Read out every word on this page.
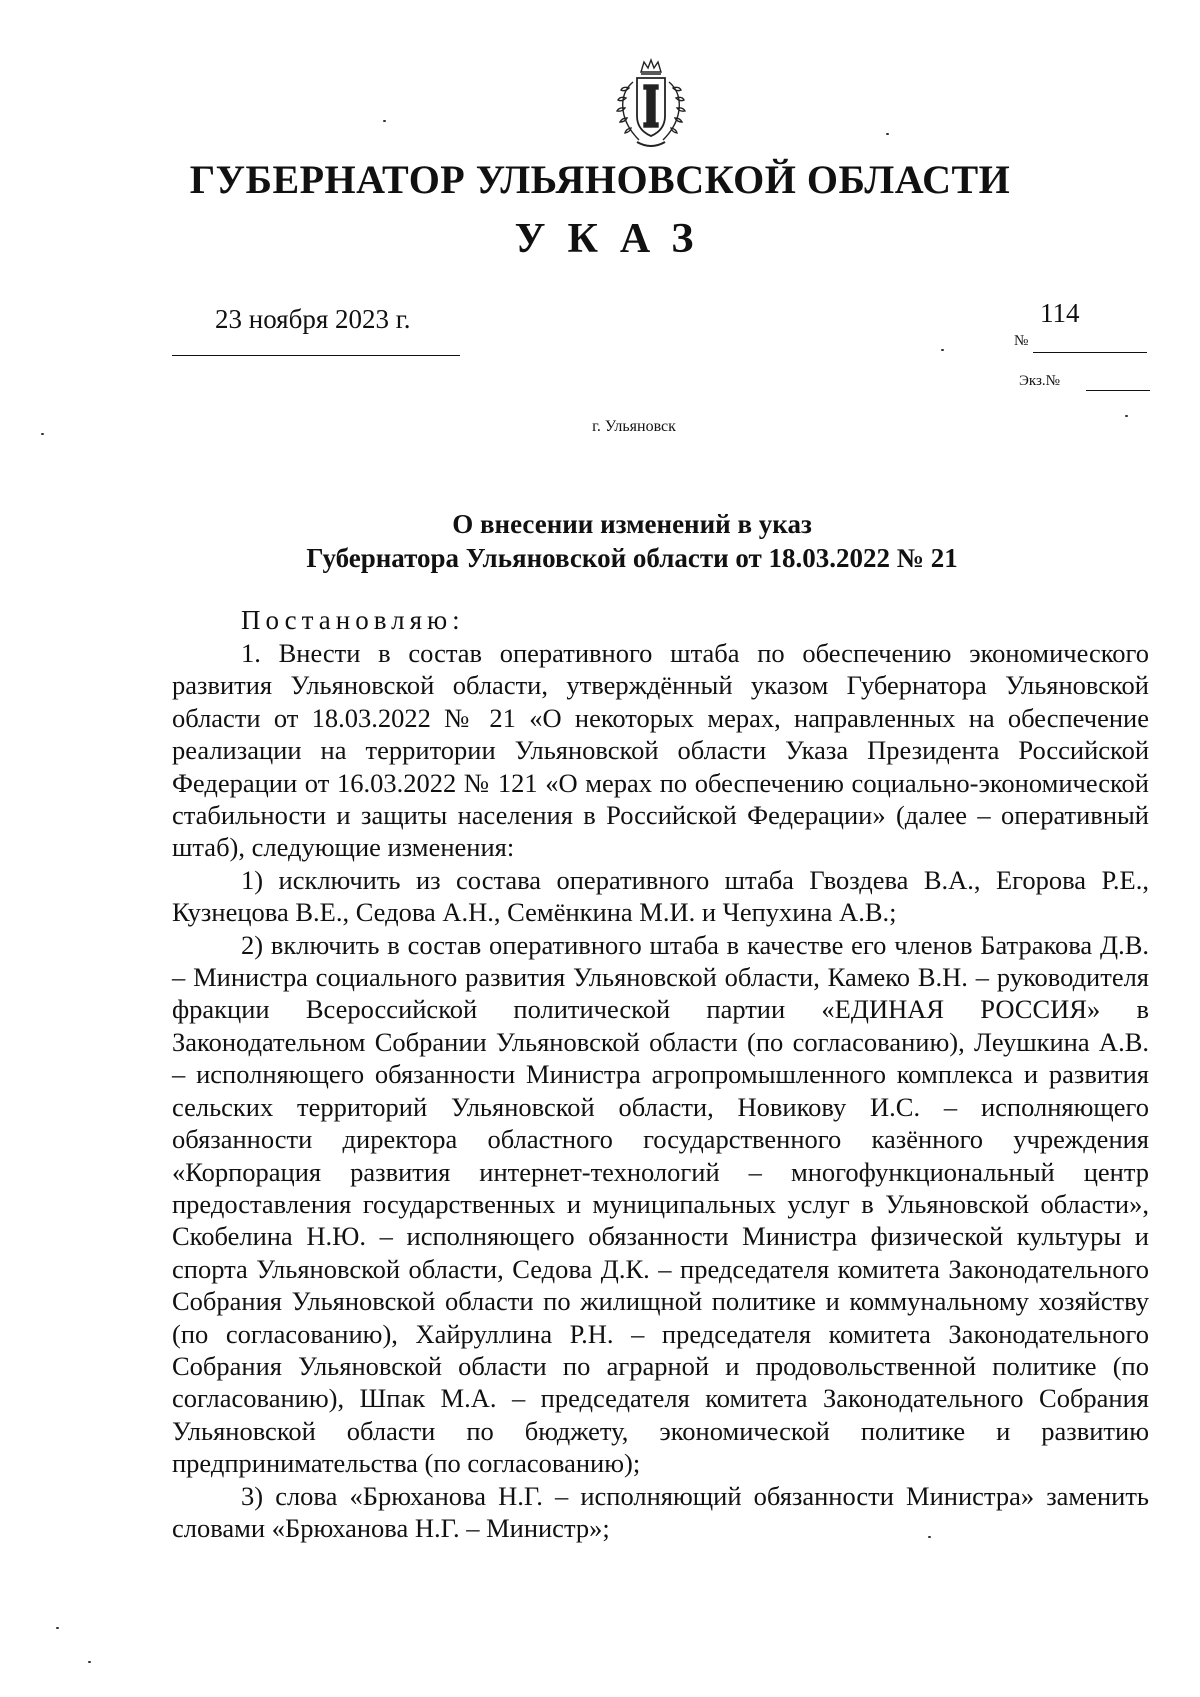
ГУБЕРНАТОР УЛЬЯНОВСКОЙ ОБЛАСТИ
УКАЗ
23 ноября 2023 г.	114
№
Экз.№
г. Ульяновск
О внесении изменений в указ
Губернатора Ульяновской области от 18.03.2022 № 21
Постановляю:

1. Внести в состав оперативного штаба по обеспечению экономического развития Ульяновской области, утверждённый указом Губернатора Ульяновской области от 18.03.2022 № 21 «О некоторых мерах, направленных на обеспечение реализации на территории Ульяновской области Указа Президента Российской Федерации от 16.03.2022 № 121 «О мерах по обеспечению социально-экономической стабильности и защиты населения в Российской Федерации» (далее – оперативный штаб), следующие изменения:

1) исключить из состава оперативного штаба Гвоздева В.А., Егорова Р.Е., Кузнецова В.Е., Седова А.Н., Семёнкина М.И. и Чепухина А.В.;

2) включить в состав оперативного штаба в качестве его членов Батракова Д.В. – Министра социального развития Ульяновской области, Камеко В.Н. – руководителя фракции Всероссийской политической партии «ЕДИНАЯ РОССИЯ» в Законодательном Собрании Ульяновской области (по согласованию), Леушкина А.В. – исполняющего обязанности Министра агропромышленного комплекса и развития сельских территорий Ульяновской области, Новикову И.С. – исполняющего обязанности директора областного государственного казённого учреждения «Корпорация развития интернет-технологий – многофункциональный центр предоставления государственных и муниципальных услуг в Ульяновской области», Скобелина Н.Ю. – исполняющего обязанности Министра физической культуры и спорта Ульяновской области, Седова Д.К. – председателя комитета Законодательного Собрания Ульяновской области по жилищной политике и коммунальному хозяйству (по согласованию), Хайруллина Р.Н. – председателя комитета Законодательного Собрания Ульяновской области по аграрной и продовольственной политике (по согласованию), Шпак М.А. – председателя комитета Законодательного Собрания Ульяновской области по бюджету, экономической политике и развитию предпринимательства (по согласованию);

3) слова «Брюханова Н.Г. – исполняющий обязанности Министра» заменить словами «Брюханова Н.Г. – Министр»;
